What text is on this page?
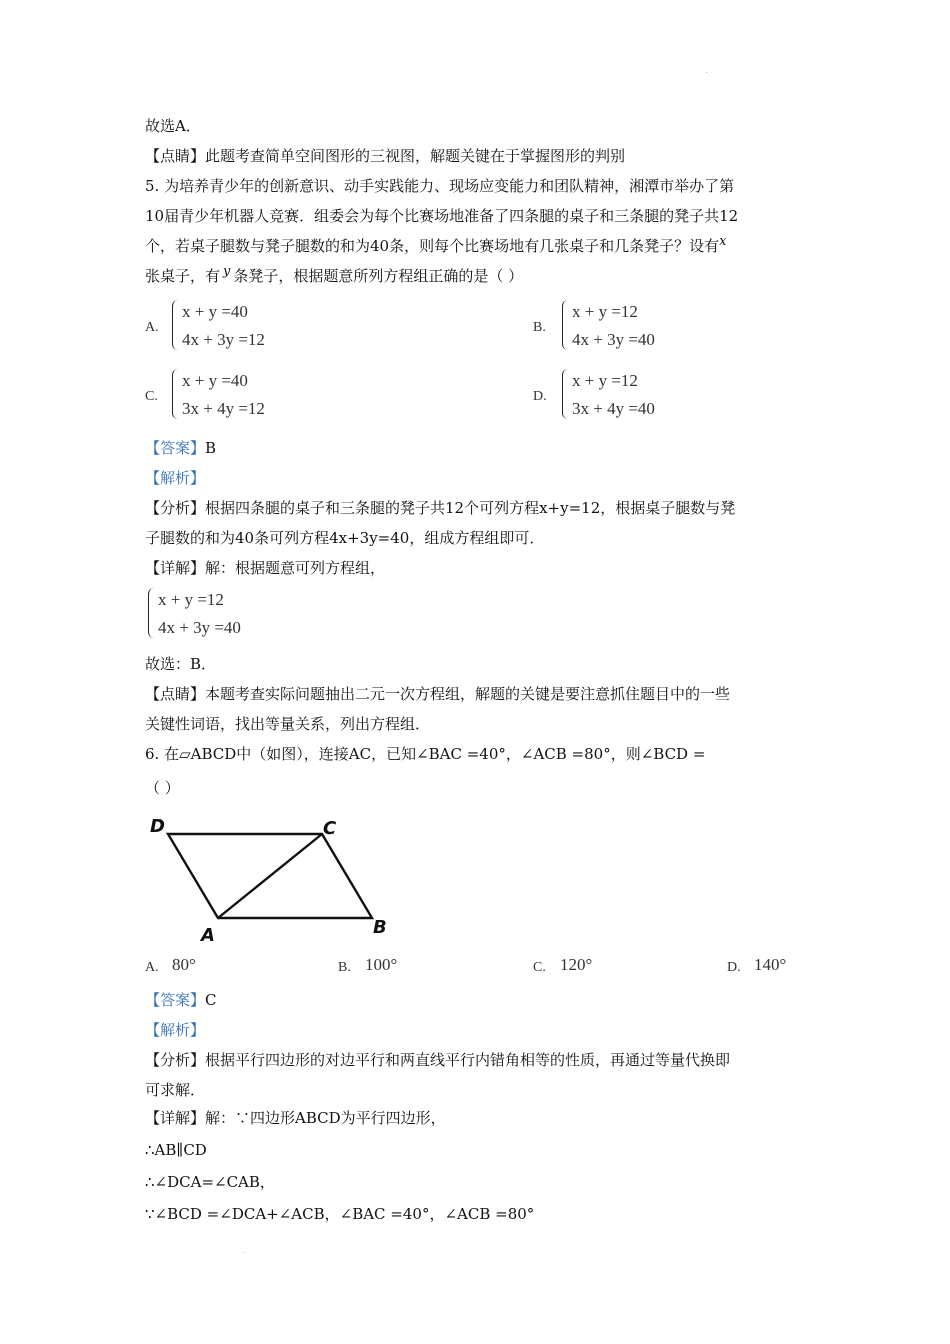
故选A．
【点睛】此题考查简单空间图形的三视图，解题关键在于掌握图形的判别
5. 为培养青少年的创新意识、动手实践能力、现场应变能力和团队精神，湘潭市举办了第
10届青少年机器人竞赛．组委会为每个比赛场地准备了四条腿的桌子和三条腿的凳子共12
个，若桌子腿数与凳子腿数的和为40条，则每个比赛场地有几张桌子和几条凳子？设有x
张桌子，有 y 条凳子，根据题意所列方程组正确的是（ ）
A.
x + y =40
4x + 3y =12
B.
x + y =12
4x + 3y =40
C.
x + y =40
3x + 4y =12
D.
x + y =12
3x + 4y =40
【答案】B
【解析】
【分析】根据四条腿的桌子和三条腿的凳子共12个可列方程x+y=12，根据桌子腿数与凳
子腿数的和为40条可列方程4x+3y=40，组成方程组即可．
【详解】解：根据题意可列方程组，
x + y =12
4x + 3y =40
故选：B．
【点睛】本题考查实际问题抽出二元一次方程组，解题的关键是要注意抓住题目中的一些
关键性词语，找出等量关系，列出方程组．
6. 在▱ABCD中（如图），连接AC，已知∠BAC =40°，∠ACB =80°，则∠BCD =
（ ）
D	C
A	B
A. 80°	B. 100°	C. 120°	D. 140°
【答案】C
【解析】
【分析】根据平行四边形的对边平行和两直线平行内错角相等的性质，再通过等量代换即
可求解．
【详解】解：∵四边形ABCD为平行四边形，
∴AB∥CD
∴∠DCA=∠CAB，
∵∠BCD =∠DCA+∠ACB，∠BAC =40°，∠ACB =80°
